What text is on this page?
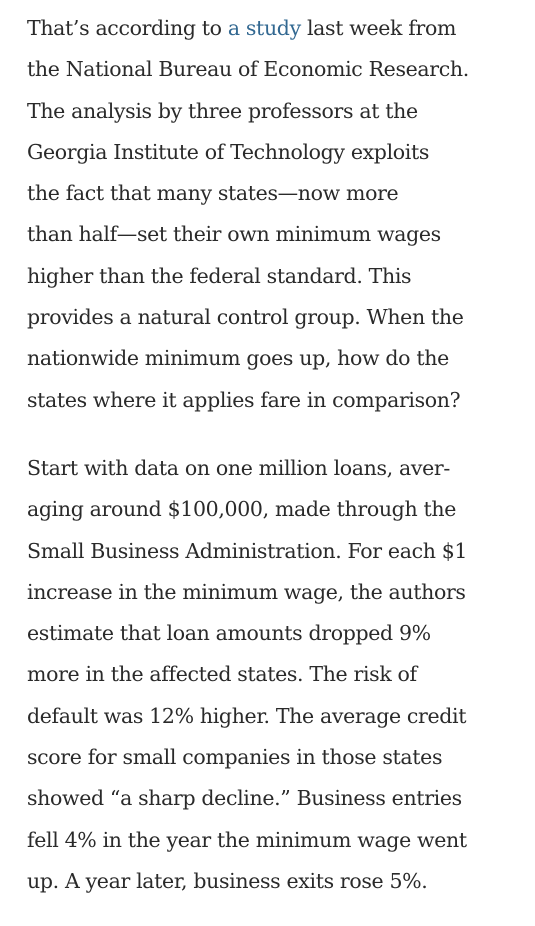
That’s according to a study last week from
the National Bureau of Economic Research.
The analysis by three professors at the
Georgia Institute of Technology exploits
the fact that many states—now more
than half—set their own minimum wages
higher than the federal standard. This
provides a natural control group. When the
nationwide minimum goes up, how do the
states where it applies fare in comparison?

Start with data on one million loans, aver-
aging around $100,000, made through the
Small Business Administration. For each $1
increase in the minimum wage, the authors
estimate that loan amounts dropped 9%
more in the affected states. The risk of
default was 12% higher. The average credit
score for small companies in those states
showed “a sharp decline.” Business entries
fell 4% in the year the minimum wage went
up. A year later, business exits rose 5%.
